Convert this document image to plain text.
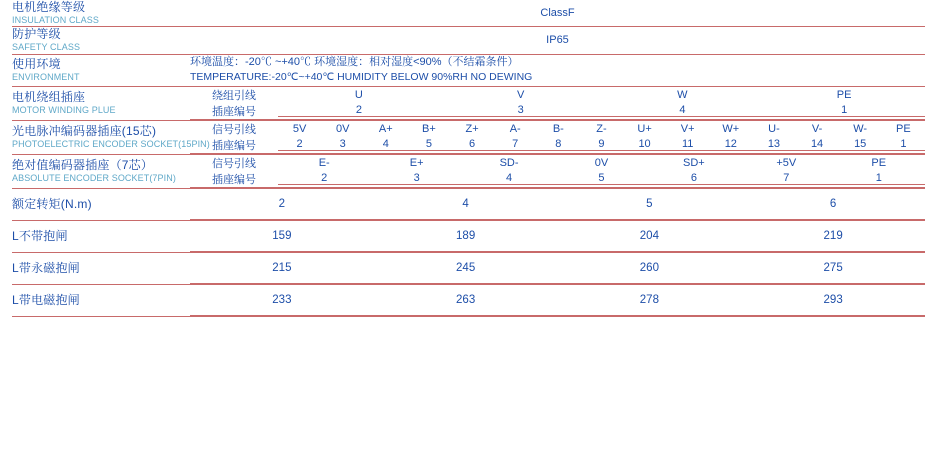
电机绝缘等级
INSULATION CLASS
	ClassF

防护等级
SAFETY CLASS
	IP65

使用环境
ENVIRONMENT

环境温度：-20℃ ~+40℃ 环境湿度：相对湿度<90%（不结霜条件）
TEMPERATURE:-20℃~+40℃ HUMIDITY BELOW 90%RH NO DEWING

电机绕组插座
MOTOR WINDING PLUE

绕组引线		U	V	W	PE

插座编号		2	3	4	1

光电脉冲编码器插座(15芯)
PHOTOELECTRIC ENCODER SOCKET(15PIN)

信号引线		5V	0V	A+	B+	Z+	A-	B-	Z-	U+	V+	W+	U-	V-	W-	PE

插座编号		2	3	4	5	6	7	8	9	10	11	12	13	14	15	1

绝对值编码器插座（7芯）
ABSOLUTE ENCODER SOCKET(7PIN)

信号引线		E-	E+	SD-	0V	SD+	+5V	PE

插座编号		2	3	4	5	6	7	1

额定转矩(N.m)
		2	4	5	6

L不带抱闸
		159	189	204	219

L带永磁抱闸
		215	245	260	275

L带电磁抱闸
		233	263	278	293
